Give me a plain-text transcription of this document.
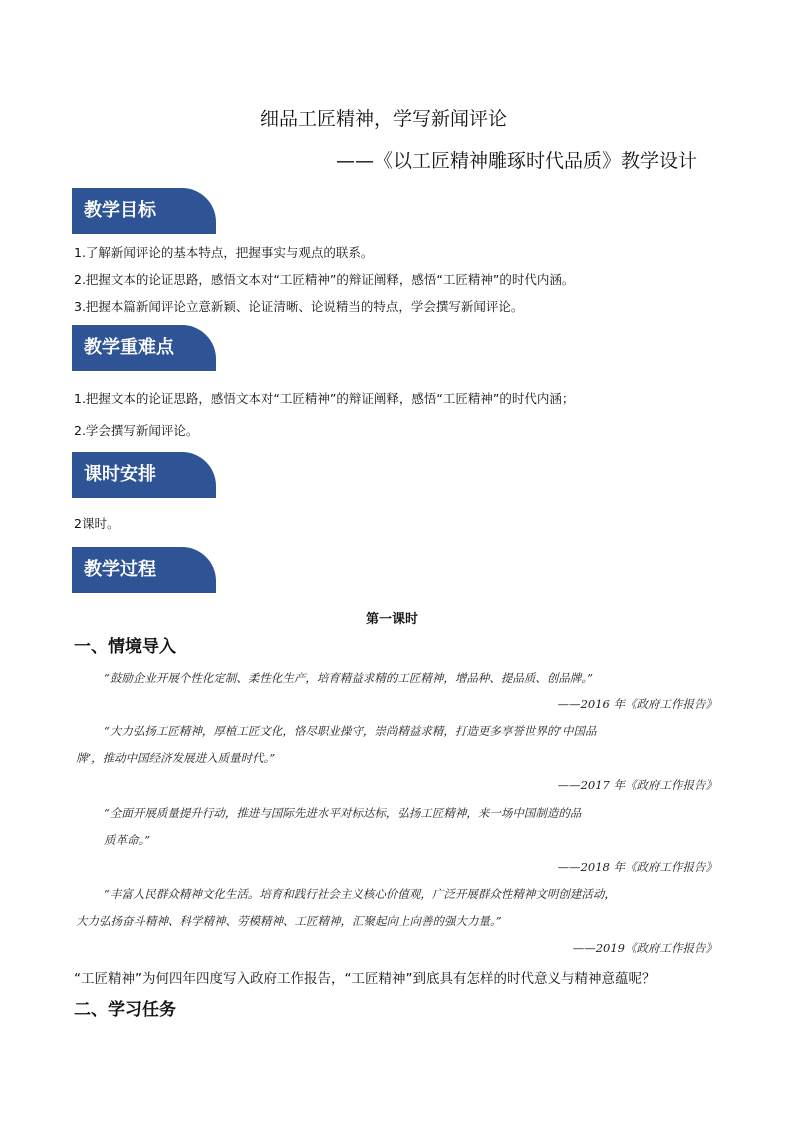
细品工匠精神，学写新闻评论
——《以工匠精神雕琢时代品质》教学设计
教学目标
1.了解新闻评论的基本特点，把握事实与观点的联系。
2.把握文本的论证思路，感悟文本对“工匠精神”的辩证阐释，感悟“工匠精神”的时代内涵。
3.把握本篇新闻评论立意新颖、论证清晰、论说精当的特点，学会撰写新闻评论。
教学重难点
1.把握文本的论证思路，感悟文本对“工匠精神”的辩证阐释，感悟“工匠精神”的时代内涵；
2.学会撰写新闻评论。
课时安排
2课时。
教学过程
第一课时
一、情境导入
“鼓励企业开展个性化定制、柔性化生产，培育精益求精的工匠精神，增品种、提品质、创品牌。”
——2016 年《政府工作报告》
“大力弘扬工匠精神，厚植工匠文化，恪尽职业操守，崇尚精益求精，打造更多享誉世界的‘中国品
牌’，推动中国经济发展进入质量时代。”
——2017 年《政府工作报告》
“全面开展质量提升行动，推进与国际先进水平对标达标，弘扬工匠精神，来一场中国制造的品
质革命。”
——2018 年《政府工作报告》
“丰富人民群众精神文化生活。培育和践行社会主义核心价值观，广泛开展群众性精神文明创建活动，
大力弘扬奋斗精神、科学精神、劳模精神、工匠精神，汇聚起向上向善的强大力量。”
——2019《政府工作报告》
“工匠精神”为何四年四度写入政府工作报告，“工匠精神”到底具有怎样的时代意义与精神意蕴呢？
二、学习任务
